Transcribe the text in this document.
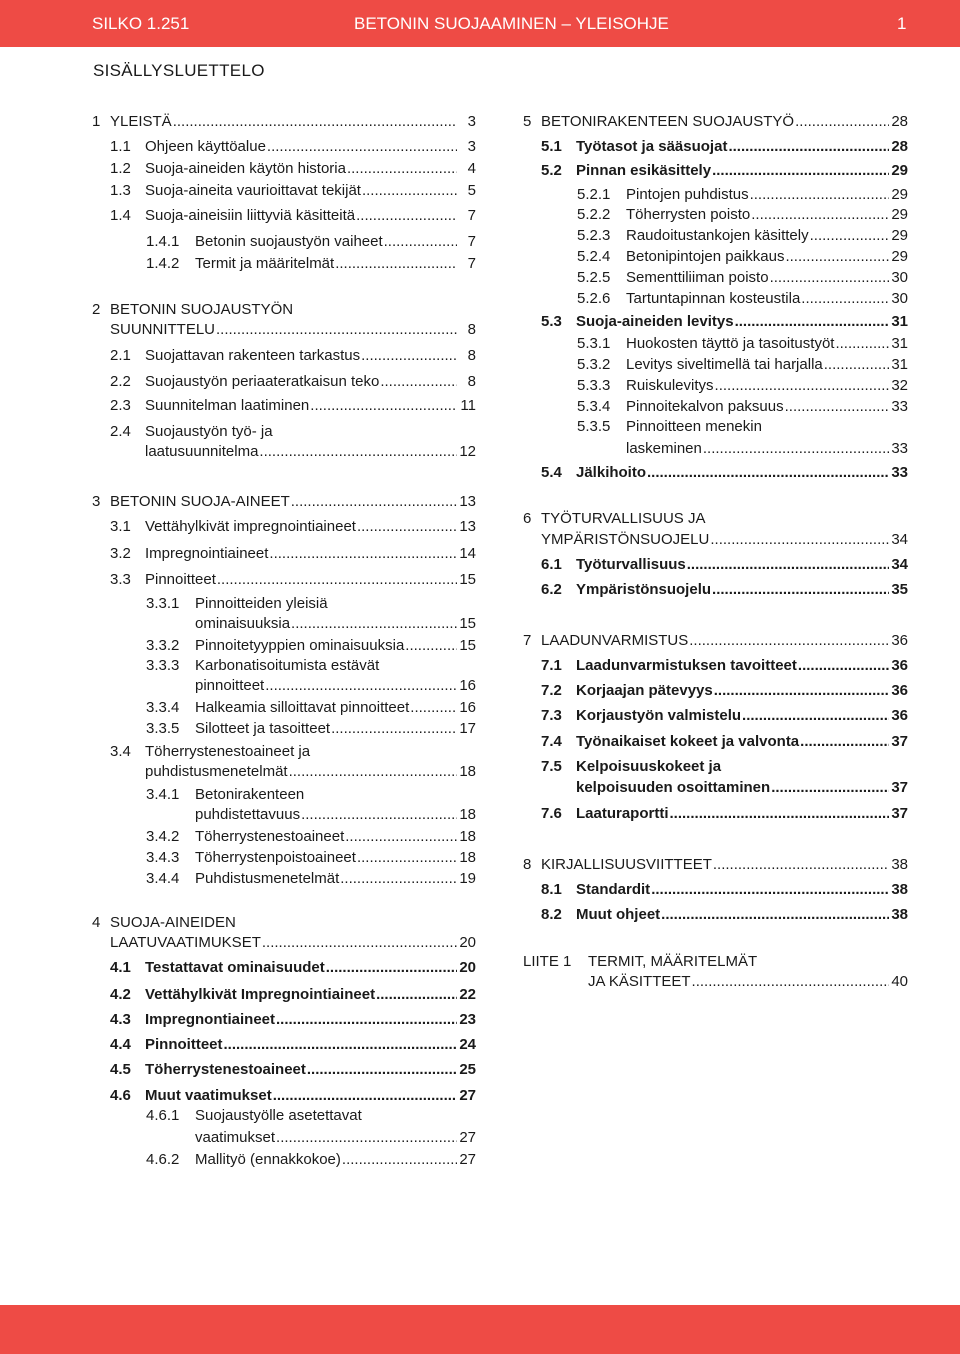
SILKO 1.251	BETONIN SUOJAAMINEN – YLEISOHJE	1
SISÄLLYSLUETTELO
1 YLEISTÄ .....	3
1.1 Ohjeen käyttöalue .....	3
1.2 Suoja-aineiden käytön historia .....	4
1.3 Suoja-aineita vaurioittavat tekijät .....	5
1.4 Suoja-aineisiin liittyviä käsitteitä .....	7
1.4.1	Betonin suojaustyön vaiheet .....	7
1.4.2	Termit ja määritelmät .....	7
2 BETONIN SUOJAUSTYÖN
SUUNNITTELU .....	8
2.1 Suojattavan rakenteen tarkastus .....	8
2.2 Suojaustyön periaateratkaisun teko .....	8
2.3 Suunnitelman laatiminen .....	11
2.4 Suojaustyön työ- ja
laatusuunnitelma .....	12
3 BETONIN SUOJA-AINEET .....	13
3.1 Vettähylkivät impregnointiaineet .....	13
3.2 Impregnointiaineet .....	14
3.3 Pinnoitteet .....	15
3.3.1	Pinnoitteiden yleisiä
ominaisuuksia .....	15
3.3.2	Pinnoitetyyppien ominaisuuksia .....	15
3.3.3	Karbonatisoitumista estävät
pinnoitteet .....	16
3.3.4	Halkeamia silloittavat pinnoitteet .....	16
3.3.5	Silotteet ja tasoitteet .....	17
3.4 Töherrystenestoaineet ja
puhdistusmenetelmät .....	18
3.4.1	Betonirakenteen
puhdistettavuus .....	18
3.4.2	Töherrystenestoaineet .....	18
3.4.3	Töherrystenpoistoaineet .....	18
3.4.4	Puhdistusmenetelmät .....	19
4 SUOJA-AINEIDEN
LAATUVAATIMUKSET .....	20
4.1 Testattavat ominaisuudet .....	20
4.2 Vettähylkivät Impregnointiaineet .....	22
4.3 Impregnontiaineet .....	23
4.4 Pinnoitteet .....	24
4.5 Töherrystenestoaineet .....	25
4.6 Muut vaatimukset .....	27
4.6.1	Suojaustyölle asetettavat
vaatimukset .....	27
4.6.2	Mallityö (ennakkokoe) .....	27
5 BETONIRAKENTEEN SUOJAUSTYÖ .....	28
5.1 Työtasot ja sääsuojat .....	28
5.2 Pinnan esikäsittely .....	29
5.2.1	Pintojen puhdistus .....	29
5.2.2	Töherrysten poisto .....	29
5.2.3	Raudoitustankojen käsittely .....	29
5.2.4	Betonipintojen paikkaus .....	29
5.2.5	Sementtiliiman poisto .....	30
5.2.6	Tartuntapinnan kosteustila .....	30
5.3 Suoja-aineiden levitys .....	31
5.3.1	Huokosten täyttö ja tasoitustyöt .....	31
5.3.2	Levitys siveltimellä tai harjalla .....	31
5.3.3	Ruiskulevitys .....	32
5.3.4	Pinnoitekalvon paksuus .....	33
5.3.5	Pinnoitteen menekin
laskeminen .....	33
5.4 Jälkihoito .....	33
6 TYÖTURVALLISUUS JA
YMPÄRISTÖNSUOJELU .....	34
6.1 Työturvallisuus .....	34
6.2 Ympäristönsuojelu .....	35
7 LAADUNVARMISTUS .....	36
7.1 Laadunvarmistuksen tavoitteet .....	36
7.2 Korjaajan pätevyys .....	36
7.3 Korjaustyön valmistelu .....	36
7.4 Työnaikaiset kokeet ja valvonta .....	37
7.5 Kelpoisuuskokeet ja
kelpoisuuden osoittaminen .....	37
7.6 Laaturaportti .....	37
8 KIRJALLISUUSVIITTEET .....	38
8.1 Standardit .....	38
8.2 Muut ohjeet .....	38
LIITE 1	TERMIT, MÄÄRITELMÄT
JA KÄSITTEET .....	40
